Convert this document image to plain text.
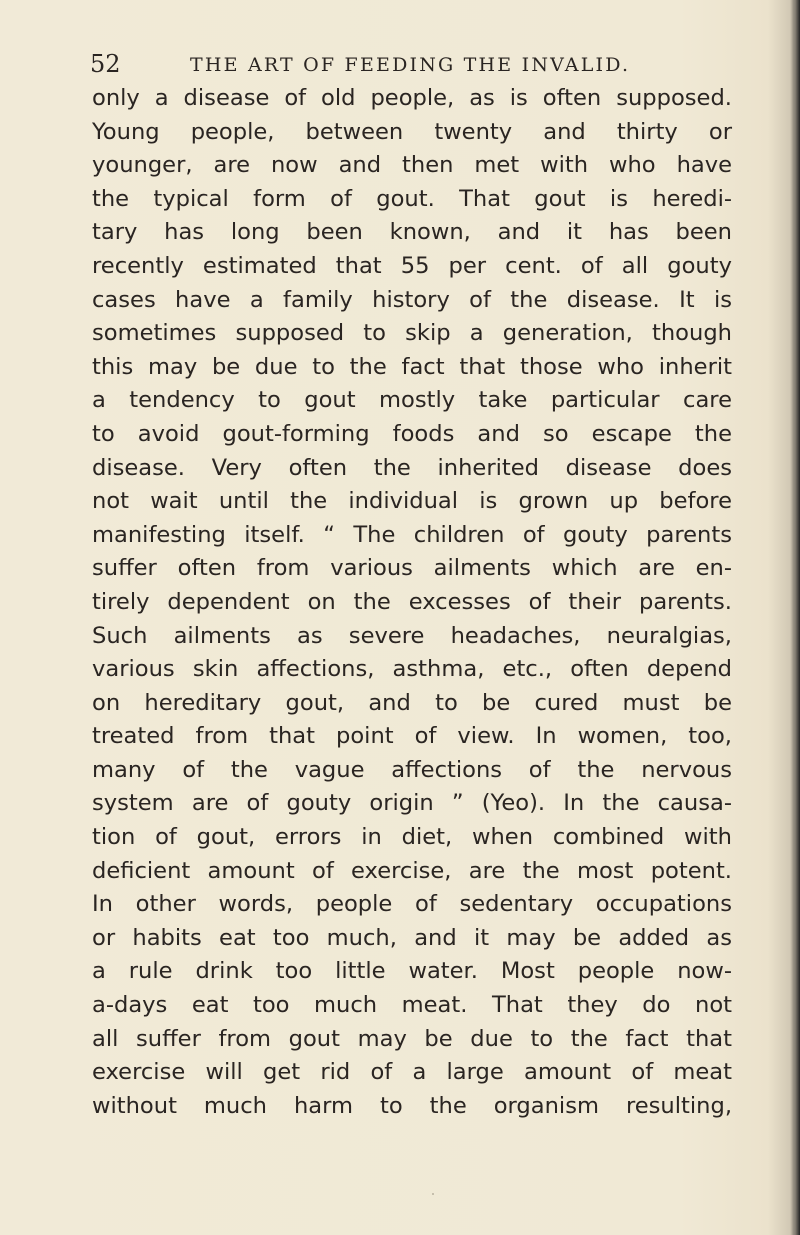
52	THE ART OF FEEDING THE INVALID.
only a disease of old people, as is often supposed.
Young people, between twenty and thirty or
younger, are now and then met with who have
the typical form of gout. That gout is heredi-
tary has long been known, and it has been
recently estimated that 55 per cent. of all gouty
cases have a family history of the disease. It is
sometimes supposed to skip a generation, though
this may be due to the fact that those who inherit
a tendency to gout mostly take particular care
to avoid gout-forming foods and so escape the
disease. Very often the inherited disease does
not wait until the individual is grown up before
manifesting itself. “ The children of gouty parents
suffer often from various ailments which are en-
tirely dependent on the excesses of their parents.
Such ailments as severe headaches, neuralgias,
various skin affections, asthma, etc., often depend
on hereditary gout, and to be cured must be
treated from that point of view. In women, too,
many of the vague affections of the nervous
system are of gouty origin ” (Yeo). In the causa-
tion of gout, errors in diet, when combined with
deficient amount of exercise, are the most potent.
In other words, people of sedentary occupations
or habits eat too much, and it may be added as
a rule drink too little water. Most people now-
a-days eat too much meat. That they do not
all suffer from gout may be due to the fact that
exercise will get rid of a large amount of meat
without much harm to the organism resulting,
